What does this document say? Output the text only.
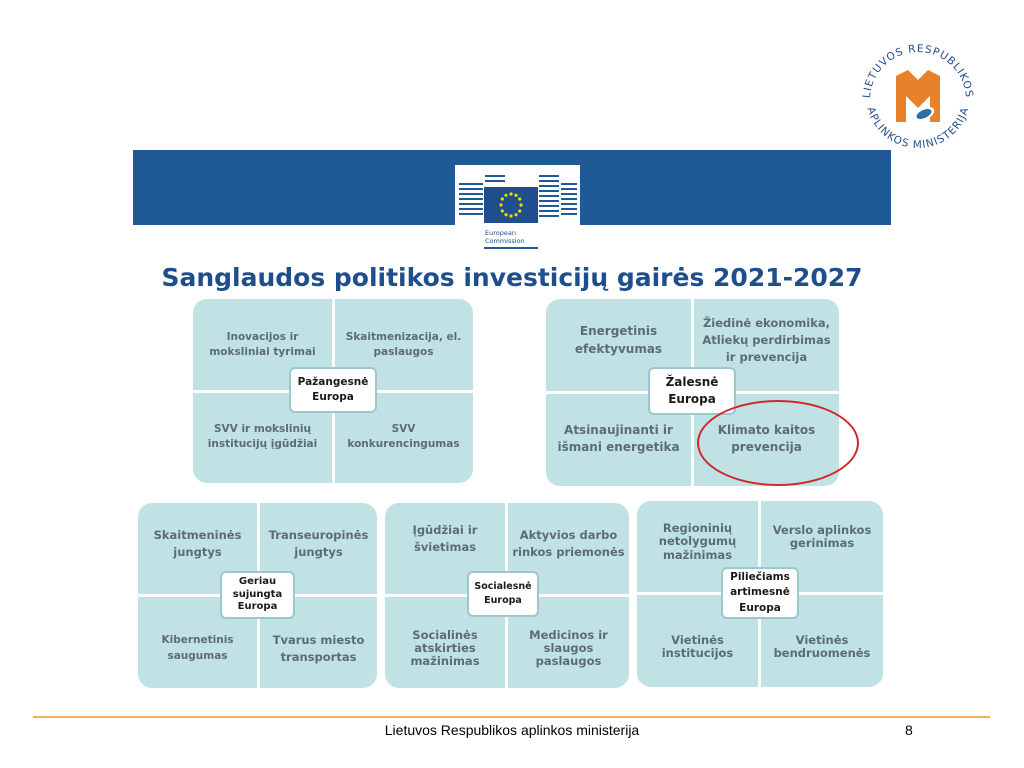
LIETUVOS RESPUBLIKOS
APLINKOS MINISTERIJA
European
Commission
Sanglaudos politikos investicijų gairės 2021-2027
Inovacijos ir moksliniai tyrimai
Skaitmenizacija, el. paslaugos
SVV ir mokslinių institucijų įgūdžiai
SVV konkurencingumas
Pažangesnė Europa
Energetinis efektyvumas
Žiedinė ekonomika, Atliekų perdirbimas ir prevencija
Atsinaujinanti ir išmani energetika
Klimato kaitos prevencija
Žalesnė Europa
Skaitmeninės jungtys
Transeuropinės jungtys
Kibernetinis saugumas
Tvarus miesto transportas
Geriau sujungta Europa
Įgūdžiai ir švietimas
Aktyvios darbo rinkos priemonės
Socialinės atskirties mažinimas
Medicinos ir slaugos paslaugos
Socialesnė Europa
Regioninių netolygumų mažinimas
Verslo aplinkos gerinimas
Vietinės institucijos
Vietinės bendruomenės
Piliečiams artimesnė Europa
Lietuvos Respublikos aplinkos ministerija	8
